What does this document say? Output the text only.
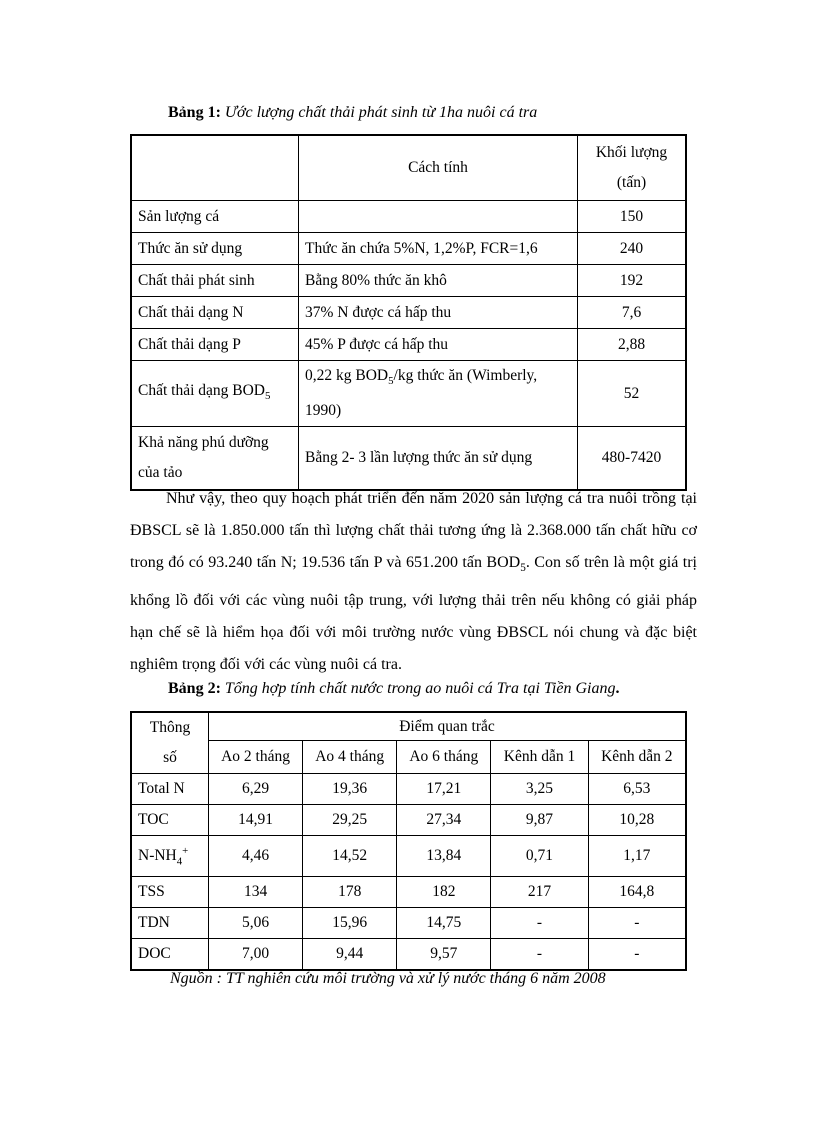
Bảng 1: Ước lượng chất thải phát sinh từ 1ha nuôi cá tra
	Cách tính	Khối lượng
(tấn)
Sản lượng cá		150
Thức ăn sử dụng	Thức ăn chứa 5%N, 1,2%P, FCR=1,6	240
Chất thải phát sinh	Bằng 80% thức ăn khô	192
Chất thải dạng N	37% N được cá hấp thu	7,6
Chất thải dạng P	45% P được cá hấp thu	2,88
Chất thải dạng $BOD_5$	0,22 kg $BOD_5/kg$ thức ăn (Wimberly, 1990)	52
Khả năng phú dưỡng
của tảo	Bằng 2- 3 lần lượng thức ăn sử dụng	480-7420
Như vậy, theo quy hoạch phát triển đến năm 2020 sản lượng cá tra nuôi trồng tại ĐBSCL sẽ là 1.850.000 tấn thì lượng chất thải tương ứng là 2.368.000 tấn chất hữu cơ trong đó có 93.240 tấn N; 19.536 tấn P và 651.200 tấn $BOD_5$. Con số trên là một giá trị khổng lồ đối với các vùng nuôi tập trung, với lượng thải trên nếu không có giải pháp hạn chế sẽ là hiểm họa đối với môi trường nước vùng ĐBSCL nói chung và đặc biệt nghiêm trọng đối với các vùng nuôi cá tra.
Bảng 2: Tổng hợp tính chất nước trong ao nuôi cá Tra tại Tiền Giang.
Thông
số	Điểm quan trắc				
	Ao 2 tháng	Ao 4 tháng	Ao 6 tháng	Kênh dẫn 1	Kênh dẫn 2
Total N	6,29	19,36	17,21	3,25	6,53
TOC	14,91	29,25	27,34	9,87	10,28
$N-NH_4^+$	4,46	14,52	13,84	0,71	1,17
TSS	134	178	182	217	164,8
TDN	5,06	15,96	14,75	-	-
DOC	7,00	9,44	9,57	-	-
Nguồn : TT nghiên cứu môi trường và xử lý nước tháng 6 năm 2008
